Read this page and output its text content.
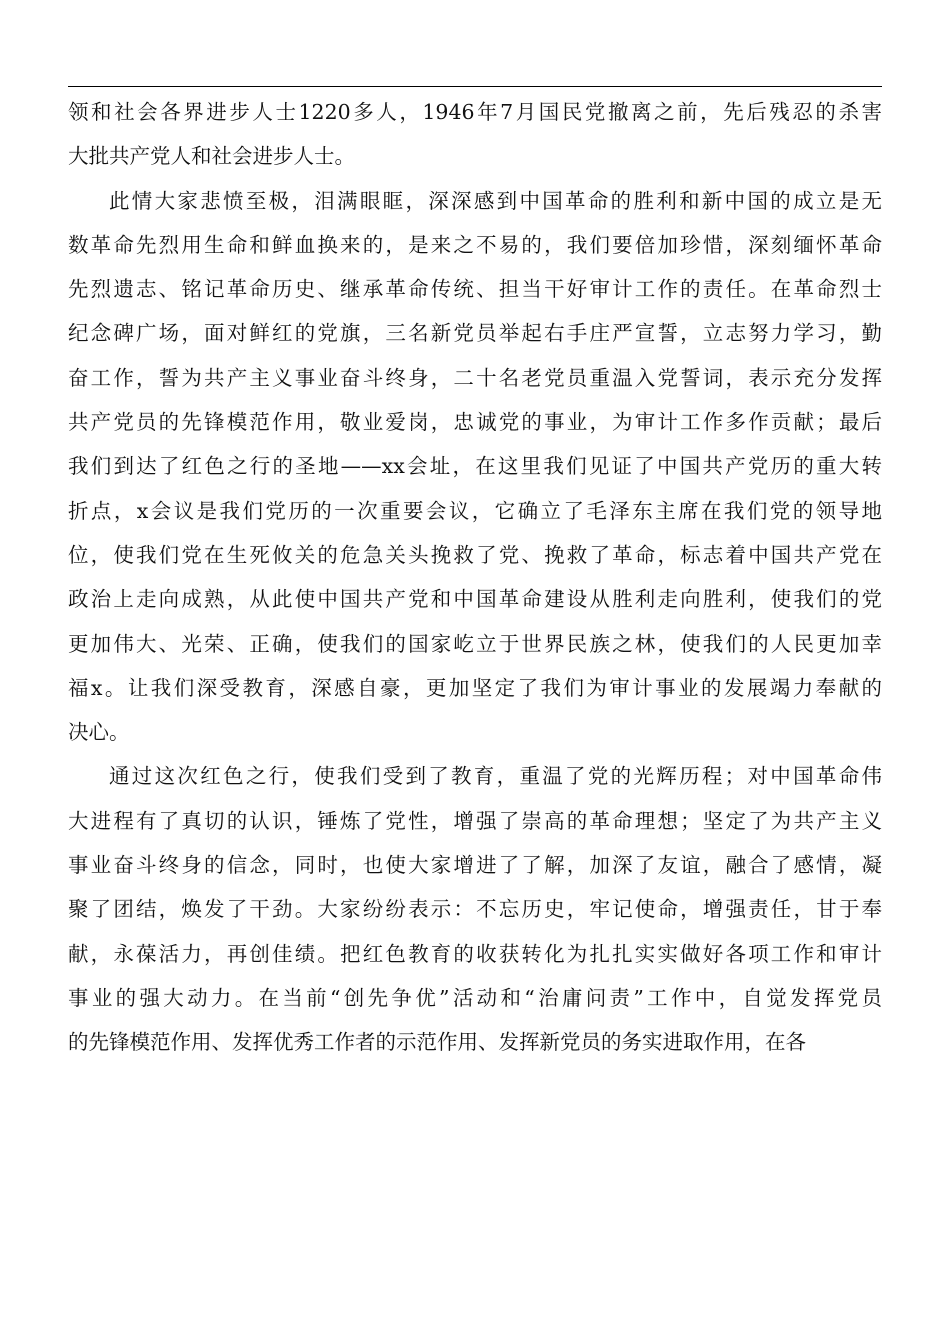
领和社会各界进步人士1220多人，1946年7月国民党撤离之前，先后残忍的杀害
大批共产党人和社会进步人士。
此情大家悲愤至极，泪满眼眶，深深感到中国革命的胜利和新中国的成立是无
数革命先烈用生命和鲜血换来的，是来之不易的，我们要倍加珍惜，深刻缅怀革命
先烈遗志、铭记革命历史、继承革命传统、担当干好审计工作的责任。在革命烈士
纪念碑广场，面对鲜红的党旗，三名新党员举起右手庄严宣誓，立志努力学习，勤
奋工作，誓为共产主义事业奋斗终身，二十名老党员重温入党誓词，表示充分发挥
共产党员的先锋模范作用，敬业爱岗，忠诚党的事业，为审计工作多作贡献；最后
我们到达了红色之行的圣地——xx会址，在这里我们见证了中国共产党历的重大转
折点，x会议是我们党历的一次重要会议，它确立了毛泽东主席在我们党的领导地
位，使我们党在生死攸关的危急关头挽救了党、挽救了革命，标志着中国共产党在
政治上走向成熟，从此使中国共产党和中国革命建设从胜利走向胜利，使我们的党
更加伟大、光荣、正确，使我们的国家屹立于世界民族之林，使我们的人民更加幸
福x。让我们深受教育，深感自豪，更加坚定了我们为审计事业的发展竭力奉献的
决心。
通过这次红色之行，使我们受到了教育，重温了党的光辉历程；对中国革命伟
大进程有了真切的认识，锤炼了党性，增强了崇高的革命理想；坚定了为共产主义
事业奋斗终身的信念，同时，也使大家增进了了解，加深了友谊，融合了感情，凝
聚了团结，焕发了干劲。大家纷纷表示：不忘历史，牢记使命，增强责任，甘于奉
献，永葆活力，再创佳绩。把红色教育的收获转化为扎扎实实做好各项工作和审计
事业的强大动力。在当前“创先争优”活动和“治庸问责”工作中，自觉发挥党员
的先锋模范作用、发挥优秀工作者的示范作用、发挥新党员的务实进取作用，在各
